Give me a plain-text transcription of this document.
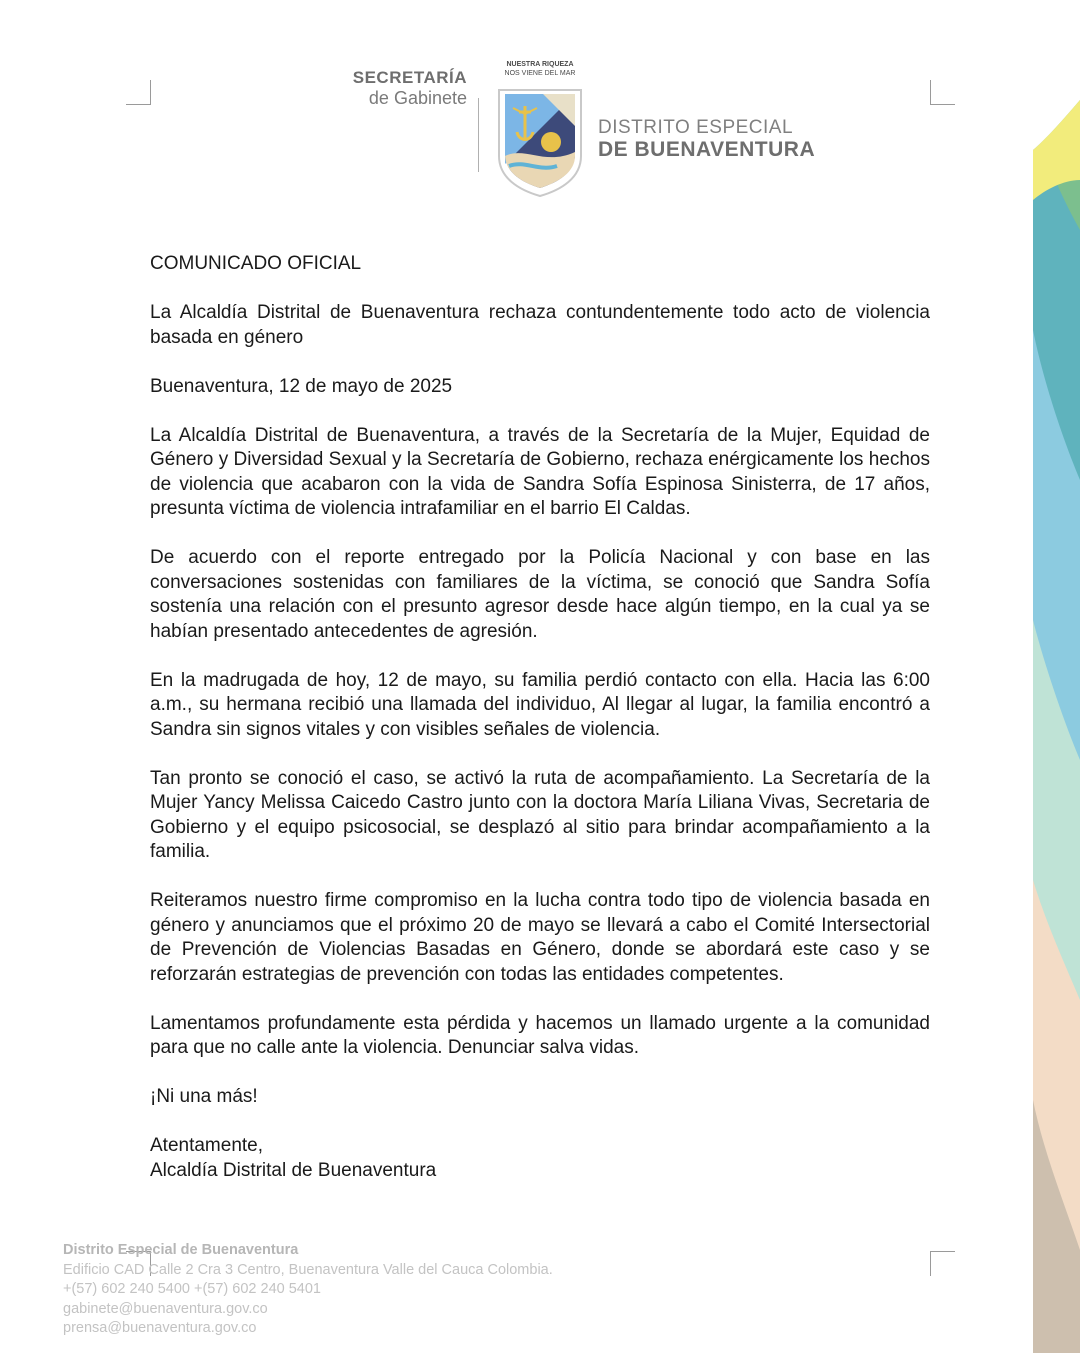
SECRETARÍA
de Gabinete
NUESTRA RIQUEZA
NOS VIENE DEL MAR
DISTRITO ESPECIAL
DE BUENAVENTURA

COMUNICADO OFICIAL

La Alcaldía Distrital de Buenaventura rechaza contundentemente todo acto de violencia basada en género

Buenaventura, 12 de mayo de 2025

La Alcaldía Distrital de Buenaventura, a través de la Secretaría de la Mujer, Equidad de Género y Diversidad Sexual y la Secretaría de Gobierno, rechaza enérgicamente los hechos de violencia que acabaron con la vida de Sandra Sofía Espinosa Sinisterra, de 17 años, presunta víctima de violencia intrafamiliar en el barrio El Caldas.

De acuerdo con el reporte entregado por la Policía Nacional y con base en las conversaciones sostenidas con familiares de la víctima, se conoció que Sandra Sofía sostenía una relación con el presunto agresor desde hace algún tiempo, en la cual ya se habían presentado antecedentes de agresión.

En la madrugada de hoy, 12 de mayo, su familia perdió contacto con ella. Hacia las 6:00 a.m., su hermana recibió una llamada del individuo, Al llegar al lugar, la familia encontró a Sandra sin signos vitales y con visibles señales de violencia.

Tan pronto se conoció el caso, se activó la ruta de acompañamiento. La Secretaría de la Mujer Yancy Melissa Caicedo Castro junto con la doctora María Liliana Vivas, Secretaria de Gobierno y el equipo psicosocial, se desplazó al sitio para brindar acompañamiento a la familia.

Reiteramos nuestro firme compromiso en la lucha contra todo tipo de violencia basada en género y anunciamos que el próximo 20 de mayo se llevará a cabo el Comité Intersectorial de Prevención de Violencias Basadas en Género, donde se abordará este caso y se reforzarán estrategias de prevención con todas las entidades competentes.

Lamentamos profundamente esta pérdida y hacemos un llamado urgente a la comunidad para que no calle ante la violencia. Denunciar salva vidas.

¡Ni una más!

Atentamente,

Alcaldía Distrital de Buenaventura

Distrito Especial de Buenaventura
Edificio CAD Calle 2 Cra 3 Centro, Buenaventura Valle del Cauca Colombia.
+(57) 602 240 5400 +(57) 602 240 5401
gabinete@buenaventura.gov.co
prensa@buenaventura.gov.co
